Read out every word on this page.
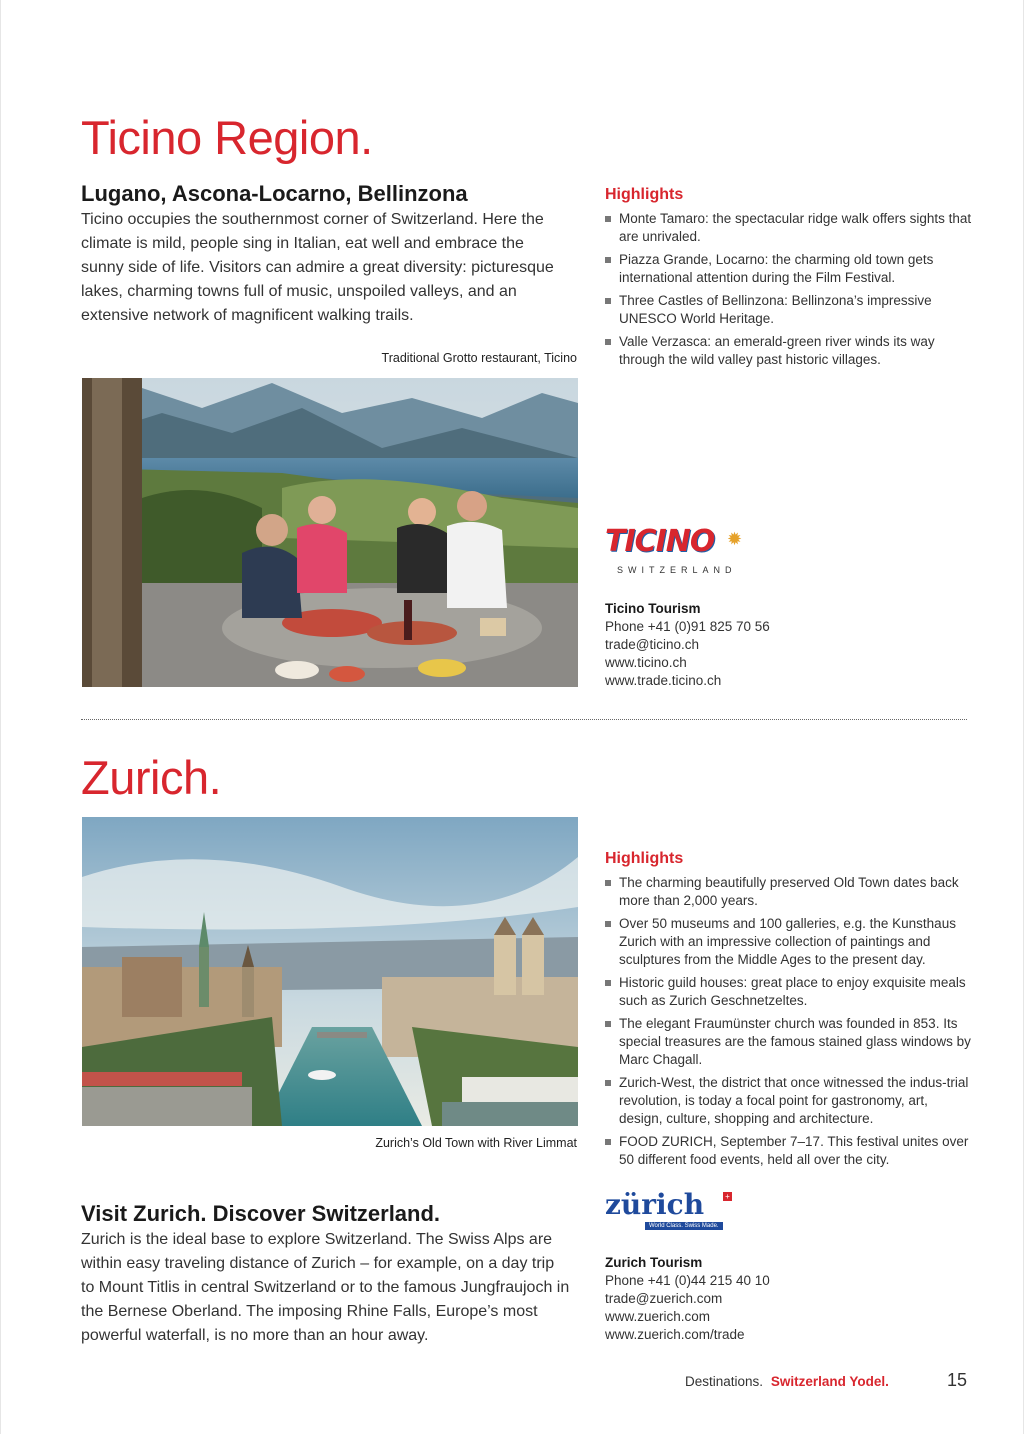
Ticino Region.
Lugano, Ascona-Locarno, Bellinzona
Ticino occupies the southernmost corner of Switzerland. Here the climate is mild, people sing in Italian, eat well and embrace the sunny side of life. Visitors can admire a great diversity: picturesque lakes, charming towns full of music, unspoiled valleys, and an extensive network of magnificent walking trails.
Traditional Grotto restaurant, Ticino
Highlights
Monte Tamaro: the spectacular ridge walk offers sights that are unrivaled.
Piazza Grande, Locarno: the charming old town gets international attention during the Film Festival.
Three Castles of Bellinzona: Bellinzona’s impressive UNESCO World Heritage.
Valle Verzasca: an emerald-green river winds its way through the wild valley past historic villages.
TICINO ✹
SWITZERLAND
Ticino Tourism
Phone +41 (0)91 825 70 56
trade@ticino.ch
www.ticino.ch
www.trade.ticino.ch
Zurich.
Zurich’s Old Town with River Limmat
Highlights
The charming beautifully preserved Old Town dates back more than 2,000 years.
Over 50 museums and 100 galleries, e.g. the Kunsthaus Zurich with an impressive collection of paintings and sculptures from the Middle Ages to the present day.
Historic guild houses: great place to enjoy exquisite meals such as Zurich Geschnetzeltes.
The elegant Fraumünster church was founded in 853. Its special treasures are the famous stained glass windows by Marc Chagall.
Zurich-West, the district that once witnessed the indus-trial revolution, is today a focal point for gastronomy, art, design, culture, shopping and architecture.
FOOD ZURICH, September 7–17. This festival unites over 50 different food events, held all over the city.
Visit Zurich. Discover Switzerland.
Zurich is the ideal base to explore Switzerland. The Swiss Alps are within easy traveling distance of Zurich – for example, on a day trip to Mount Titlis in central Switzerland or to the famous Jungfraujoch in the Bernese Oberland. The imposing Rhine Falls, Europe’s most powerful waterfall, is no more than an hour away.
zürich	+
World Class. Swiss Made.
Zurich Tourism
Phone +41 (0)44 215 40 10
trade@zuerich.com
www.zuerich.com
www.zuerich.com/trade
Destinations. Switzerland Yodel.	15
